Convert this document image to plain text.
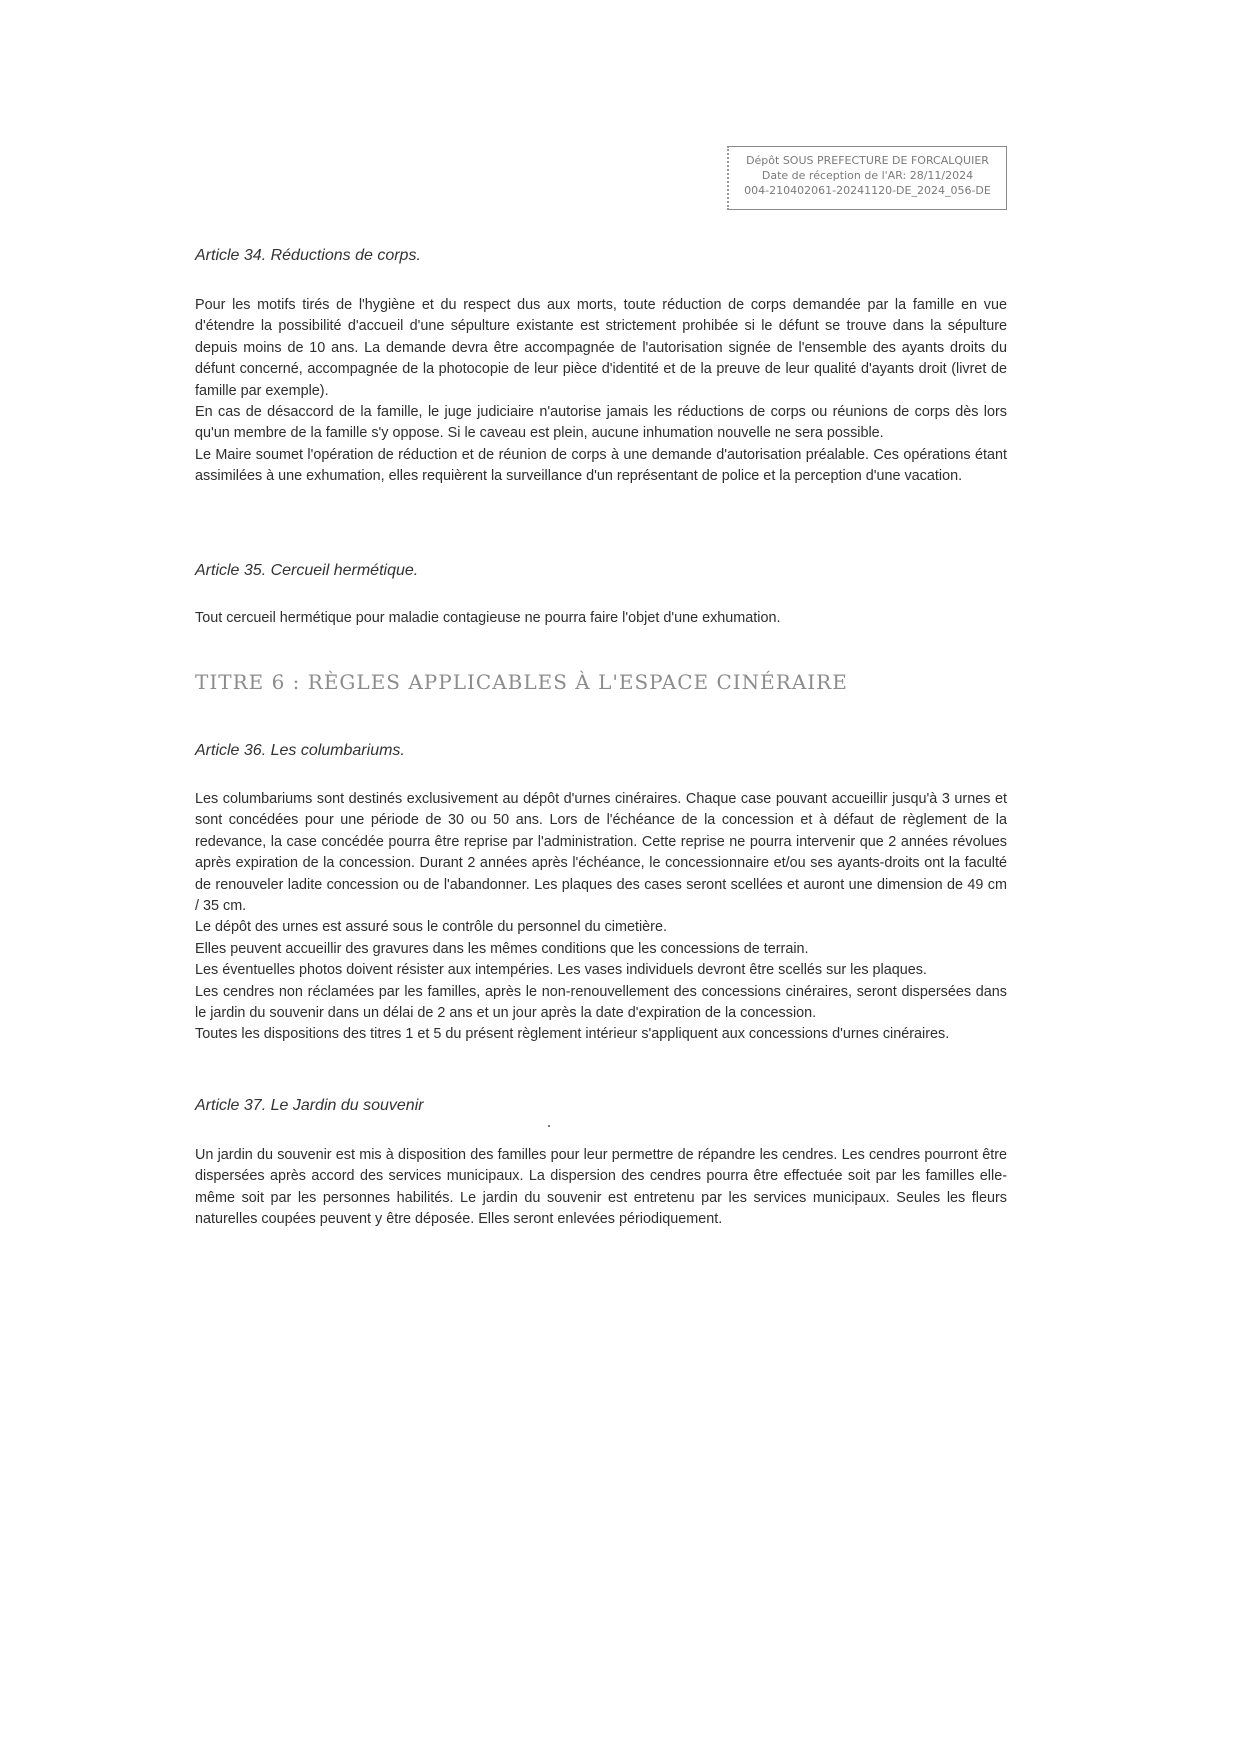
Dépôt SOUS PREFECTURE DE FORCALQUIER
Date de réception de l'AR: 28/11/2024
004-210402061-20241120-DE_2024_056-DE
Article 34. Réductions de corps.

Pour les motifs tirés de l'hygiène et du respect dus aux morts, toute réduction de corps demandée par la famille en vue d'étendre la possibilité d'accueil d'une sépulture existante est strictement prohibée si le défunt se trouve dans la sépulture depuis moins de 10 ans. La demande devra être accompagnée de l'autorisation signée de l'ensemble des ayants droits du défunt concerné, accompagnée de la photocopie de leur pièce d'identité et de la preuve de leur qualité d'ayants droit (livret de famille par exemple).

En cas de désaccord de la famille, le juge judiciaire n'autorise jamais les réductions de corps ou réunions de corps dès lors qu'un membre de la famille s'y oppose. Si le caveau est plein, aucune inhumation nouvelle ne sera possible.

Le Maire soumet l'opération de réduction et de réunion de corps à une demande d'autorisation préalable. Ces opérations étant assimilées à une exhumation, elles requièrent la surveillance d'un représentant de police et la perception d'une vacation.

Article 35. Cercueil hermétique.

Tout cercueil hermétique pour maladie contagieuse ne pourra faire l'objet d'une exhumation.

TITRE 6 : RÈGLES APPLICABLES À L'ESPACE CINÉRAIRE
Article 36. Les columbariums.

Les columbariums sont destinés exclusivement au dépôt d'urnes cinéraires. Chaque case pouvant accueillir jusqu'à 3 urnes et sont concédées pour une période de 30 ou 50 ans. Lors de l'échéance de la concession et à défaut de règlement de la redevance, la case concédée pourra être reprise par l'administration. Cette reprise ne pourra intervenir que 2 années révolues après expiration de la concession. Durant 2 années après l'échéance, le concessionnaire et/ou ses ayants-droits ont la faculté de renouveler ladite concession ou de l'abandonner. Les plaques des cases seront scellées et auront une dimension de 49 cm / 35 cm.

Le dépôt des urnes est assuré sous le contrôle du personnel du cimetière.

Elles peuvent accueillir des gravures dans les mêmes conditions que les concessions de terrain.

Les éventuelles photos doivent résister aux intempéries. Les vases individuels devront être scellés sur les plaques.

Les cendres non réclamées par les familles, après le non-renouvellement des concessions cinéraires, seront dispersées dans le jardin du souvenir dans un délai de 2 ans et un jour après la date d'expiration de la concession.

Toutes les dispositions des titres 1 et 5 du présent règlement intérieur s'appliquent aux concessions d'urnes cinéraires.

Article 37. Le Jardin du souvenir

Un jardin du souvenir est mis à disposition des familles pour leur permettre de répandre les cendres. Les cendres pourront être dispersées après accord des services municipaux. La dispersion des cendres pourra être effectuée soit par les familles elle-même soit par les personnes habilités. Le jardin du souvenir est entretenu par les services municipaux. Seules les fleurs naturelles coupées peuvent y être déposée. Elles seront enlevées périodiquement.
